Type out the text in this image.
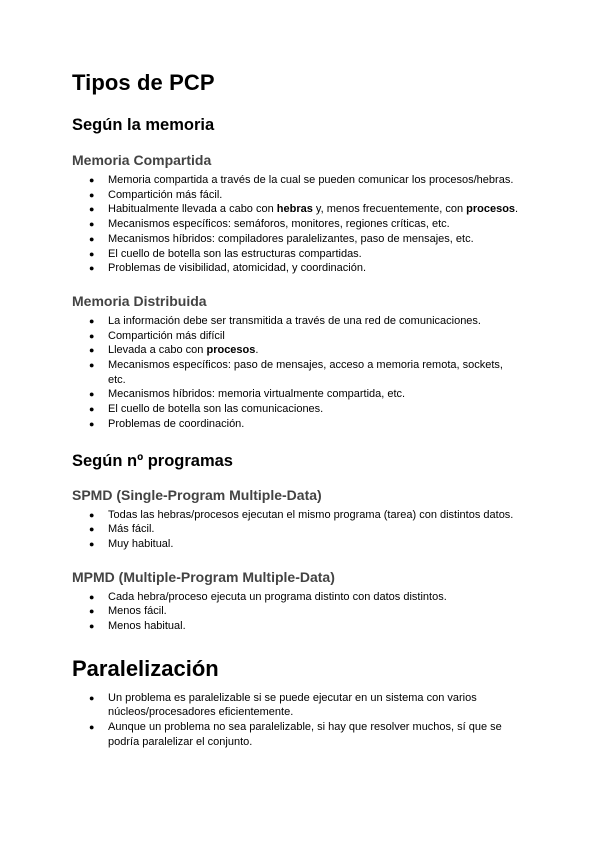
Tipos de PCP
Según la memoria
Memoria Compartida
● Memoria compartida a través de la cual se pueden comunicar los procesos/hebras.
● Compartición más fácil.
● Habitualmente llevada a cabo con hebras y, menos frecuentemente, con procesos.
● Mecanismos específicos: semáforos, monitores, regiones críticas, etc.
● Mecanismos híbridos: compiladores paralelizantes, paso de mensajes, etc.
● El cuello de botella son las estructuras compartidas.
● Problemas de visibilidad, atomicidad, y coordinación.
Memoria Distribuida
● La información debe ser transmitida a través de una red de comunicaciones.
● Compartición más difícil
● Llevada a cabo con procesos.
● Mecanismos específicos: paso de mensajes, acceso a memoria remota, sockets,
etc.
● Mecanismos híbridos: memoria virtualmente compartida, etc.
● El cuello de botella son las comunicaciones.
● Problemas de coordinación.
Según nº programas
SPMD (Single-Program Multiple-Data)
● Todas las hebras/procesos ejecutan el mismo programa (tarea) con distintos datos.
● Más fácil.
● Muy habitual.
MPMD (Multiple-Program Multiple-Data)
● Cada hebra/proceso ejecuta un programa distinto con datos distintos.
● Menos fácil.
● Menos habitual.
Paralelización
● Un problema es paralelizable si se puede ejecutar en un sistema con varios
núcleos/procesadores eficientemente.
● Aunque un problema no sea paralelizable, si hay que resolver muchos, sí que se
podría paralelizar el conjunto.
